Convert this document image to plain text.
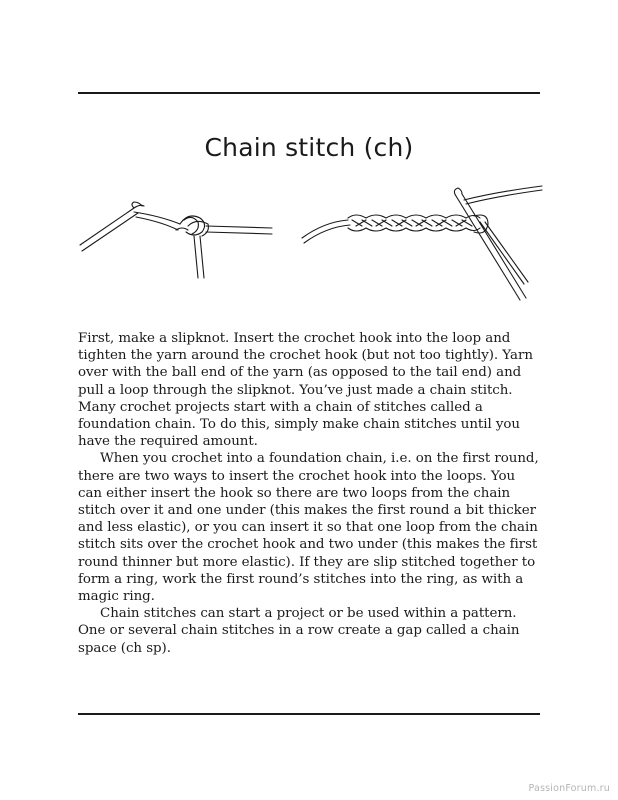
Chain stitch (ch)

First, make a slipknot. Insert the crochet hook into the loop and tighten the yarn around the crochet hook (but not too tightly). Yarn over with the ball end of the yarn (as opposed to the tail end) and pull a loop through the slipknot. You’ve just made a chain stitch. Many crochet projects start with a chain of stitches called a foundation chain. To do this, simply make chain stitches until you have the required amount.

When you crochet into a foundation chain, i.e. on the first round, there are two ways to insert the crochet hook into the loops. You can either insert the hook so there are two loops from the chain stitch over it and one under (this makes the first round a bit thicker and less elastic), or you can insert it so that one loop from the chain stitch sits over the crochet hook and two under (this makes the first round thinner but more elastic). If they are slip stitched together to form a ring, work the first round’s stitches into the ring, as with a magic ring.

Chain stitches can start a project or be used within a pattern. One or several chain stitches in a row create a gap called a chain space (ch sp).

PassionForum.ru
